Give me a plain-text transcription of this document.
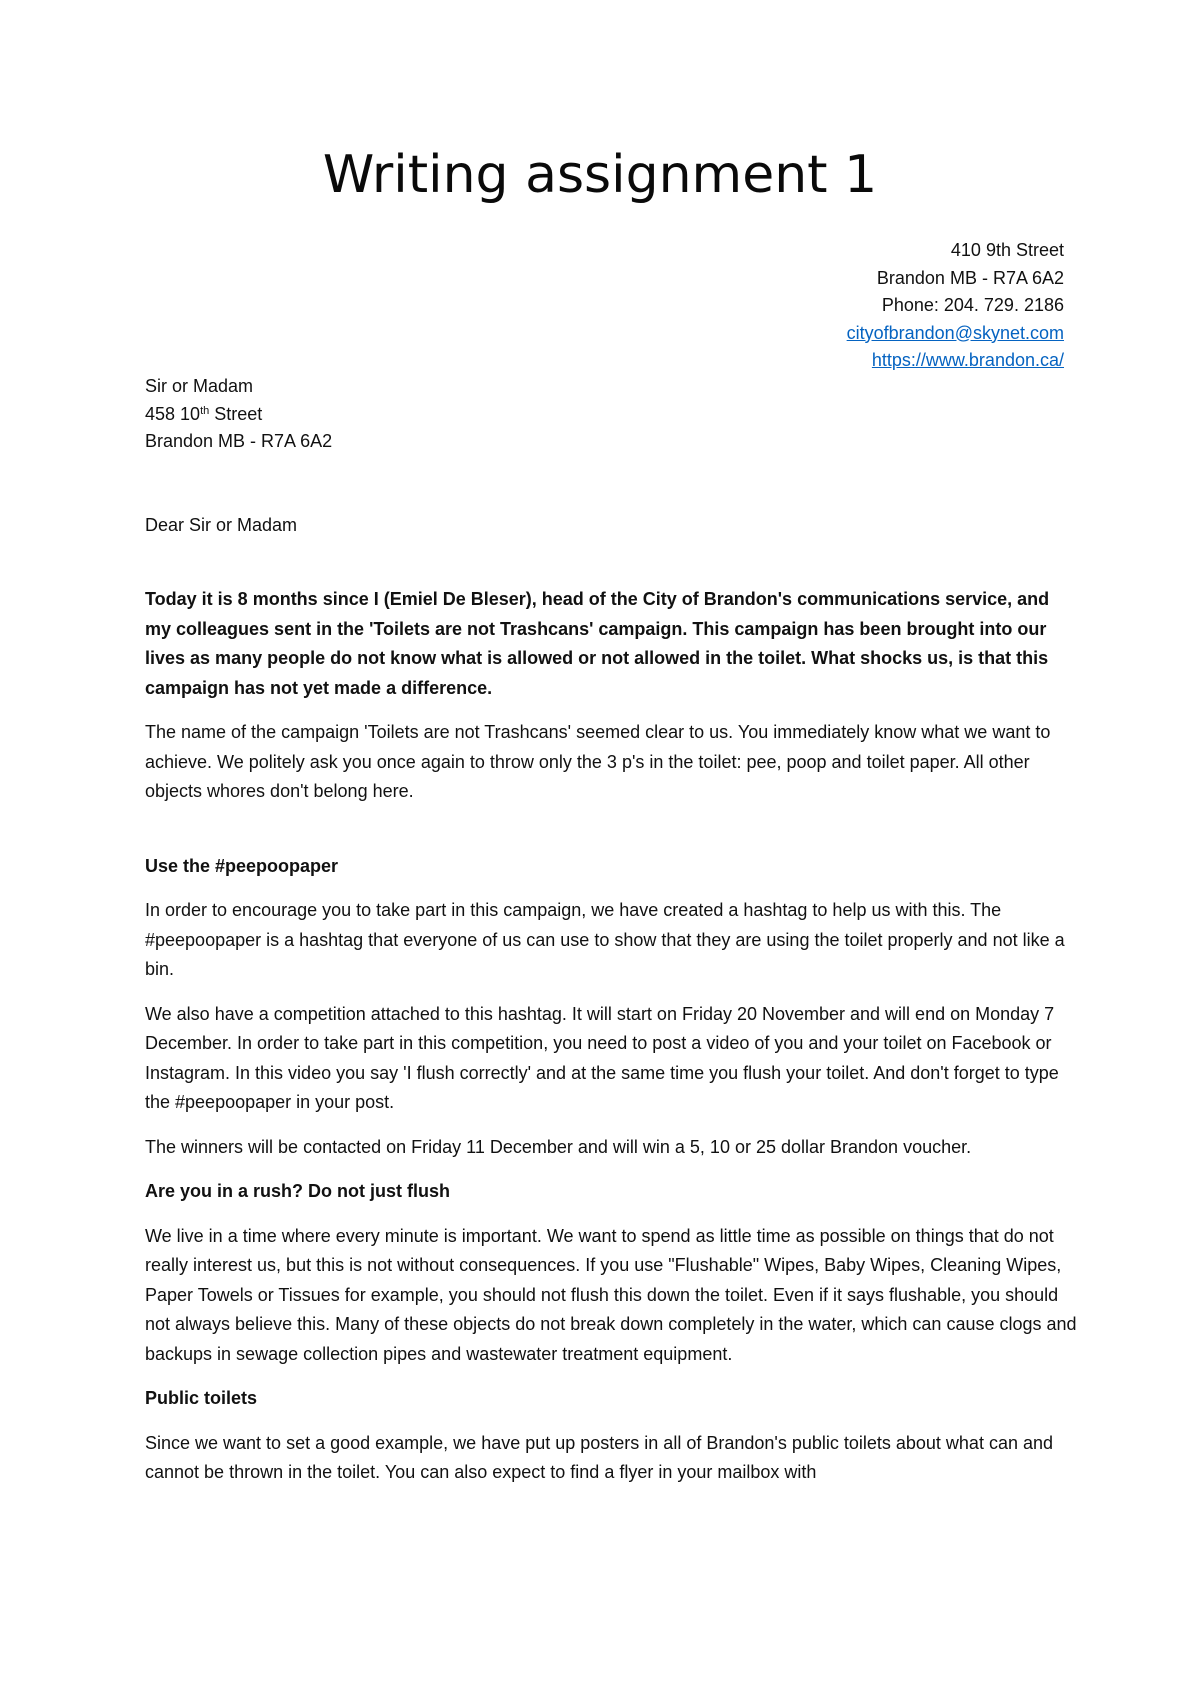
Writing assignment 1
410 9th Street
Brandon MB - R7A 6A2
Phone: 204. 729. 2186
cityofbrandon@skynet.com
https://www.brandon.ca/
Sir or Madam
458 10th Street
Brandon MB - R7A 6A2

Dear Sir or Madam

Today it is 8 months since I (Emiel De Bleser), head of the City of Brandon's communications service, and my colleagues sent in the 'Toilets are not Trashcans' campaign. This campaign has been brought into our lives as many people do not know what is allowed or not allowed in the toilet. What shocks us, is that this campaign has not yet made a difference.

The name of the campaign 'Toilets are not Trashcans' seemed clear to us. You immediately know what we want to achieve. We politely ask you once again to throw only the 3 p's in the toilet: pee, poop and toilet paper. All other objects whores don't belong here.

Use the #peepoopaper

In order to encourage you to take part in this campaign, we have created a hashtag to help us with this. The #peepoopaper is a hashtag that everyone of us can use to show that they are using the toilet properly and not like a bin.

We also have a competition attached to this hashtag. It will start on Friday 20 November and will end on Monday 7 December. In order to take part in this competition, you need to post a video of you and your toilet on Facebook or Instagram. In this video you say 'I flush correctly' and at the same time you flush your toilet. And don't forget to type the #peepoopaper in your post.

The winners will be contacted on Friday 11 December and will win a 5, 10 or 25 dollar Brandon voucher.

Are you in a rush? Do not just flush

We live in a time where every minute is important. We want to spend as little time as possible on things that do not really interest us, but this is not without consequences. If you use "Flushable" Wipes, Baby Wipes, Cleaning Wipes, Paper Towels or Tissues for example, you should not flush this down the toilet. Even if it says flushable, you should not always believe this. Many of these objects do not break down completely in the water, which can cause clogs and backups in sewage collection pipes and wastewater treatment equipment.

Public toilets

Since we want to set a good example, we have put up posters in all of Brandon's public toilets about what can and cannot be thrown in the toilet. You can also expect to find a flyer in your mailbox with
